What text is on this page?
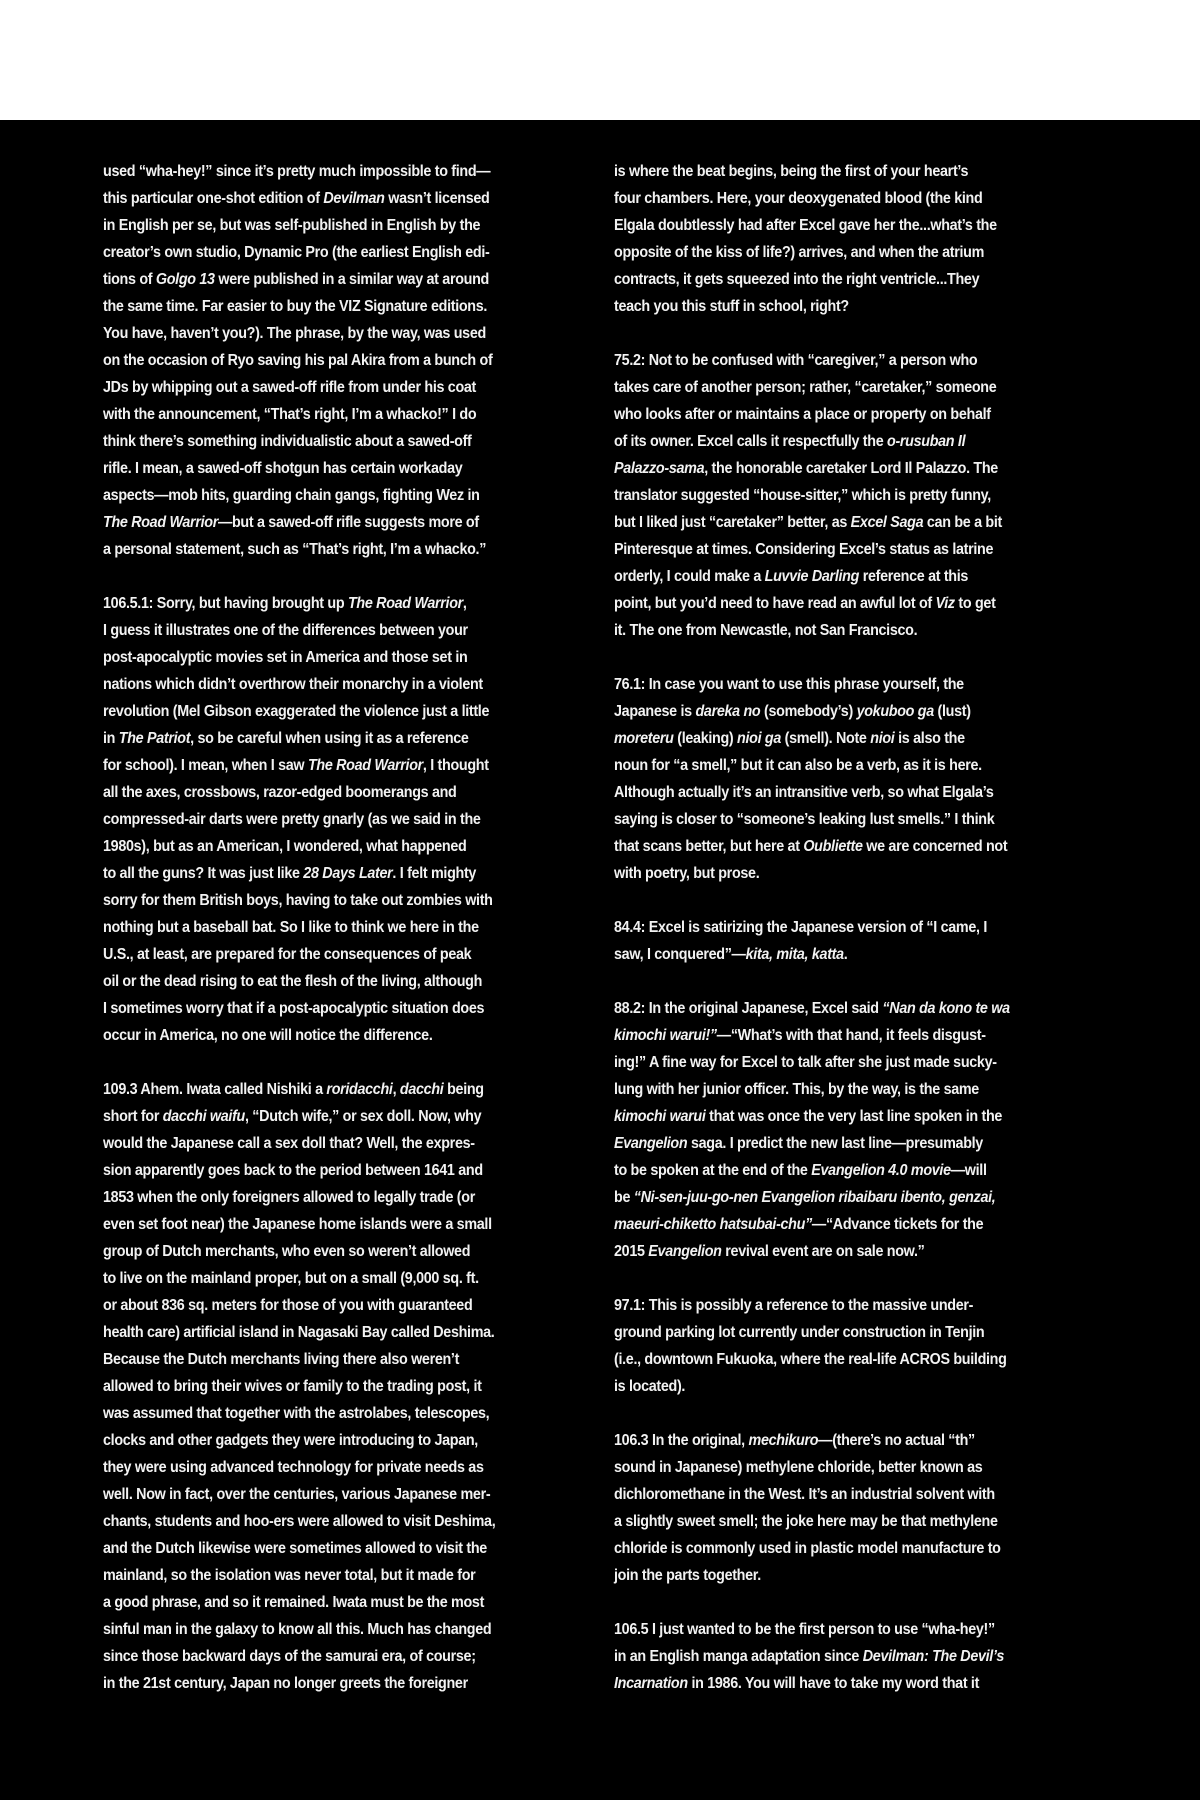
used “wha-hey!” since it’s pretty much impossible to find—
this particular one-shot edition of Devilman wasn’t licensed
in English per se, but was self-published in English by the
creator’s own studio, Dynamic Pro (the earliest English edi-
tions of Golgo 13 were published in a similar way at around
the same time. Far easier to buy the VIZ Signature editions.
You have, haven’t you?). The phrase, by the way, was used
on the occasion of Ryo saving his pal Akira from a bunch of
JDs by whipping out a sawed-off rifle from under his coat
with the announcement, “That’s right, I’m a whacko!” I do
think there’s something individualistic about a sawed-off
rifle. I mean, a sawed-off shotgun has certain workaday
aspects—mob hits, guarding chain gangs, fighting Wez in
The Road Warrior—but a sawed-off rifle suggests more of
a personal statement, such as “That’s right, I’m a whacko.”

106.5.1: Sorry, but having brought up The Road Warrior,
I guess it illustrates one of the differences between your
post-apocalyptic movies set in America and those set in
nations which didn’t overthrow their monarchy in a violent
revolution (Mel Gibson exaggerated the violence just a little
in The Patriot, so be careful when using it as a reference
for school). I mean, when I saw The Road Warrior, I thought
all the axes, crossbows, razor-edged boomerangs and
compressed-air darts were pretty gnarly (as we said in the
1980s), but as an American, I wondered, what happened
to all the guns? It was just like 28 Days Later. I felt mighty
sorry for them British boys, having to take out zombies with
nothing but a baseball bat. So I like to think we here in the
U.S., at least, are prepared for the consequences of peak
oil or the dead rising to eat the flesh of the living, although
I sometimes worry that if a post-apocalyptic situation does
occur in America, no one will notice the difference.

109.3 Ahem. Iwata called Nishiki a roridacchi, dacchi being
short for dacchi waifu, “Dutch wife,” or sex doll. Now, why
would the Japanese call a sex doll that? Well, the expres-
sion apparently goes back to the period between 1641 and
1853 when the only foreigners allowed to legally trade (or
even set foot near) the Japanese home islands were a small
group of Dutch merchants, who even so weren’t allowed
to live on the mainland proper, but on a small (9,000 sq. ft.
or about 836 sq. meters for those of you with guaranteed
health care) artificial island in Nagasaki Bay called Deshima.
Because the Dutch merchants living there also weren’t
allowed to bring their wives or family to the trading post, it
was assumed that together with the astrolabes, telescopes,
clocks and other gadgets they were introducing to Japan,
they were using advanced technology for private needs as
well. Now in fact, over the centuries, various Japanese mer-
chants, students and hoo-ers were allowed to visit Deshima,
and the Dutch likewise were sometimes allowed to visit the
mainland, so the isolation was never total, but it made for
a good phrase, and so it remained. Iwata must be the most
sinful man in the galaxy to know all this. Much has changed
since those backward days of the samurai era, of course;
in the 21st century, Japan no longer greets the foreigner

is where the beat begins, being the first of your heart’s
four chambers. Here, your deoxygenated blood (the kind
Elgala doubtlessly had after Excel gave her the...what’s the
opposite of the kiss of life?) arrives, and when the atrium
contracts, it gets squeezed into the right ventricle...They
teach you this stuff in school, right?

75.2: Not to be confused with “caregiver,” a person who
takes care of another person; rather, “caretaker,” someone
who looks after or maintains a place or property on behalf
of its owner. Excel calls it respectfully the o-rusuban Il
Palazzo-sama, the honorable caretaker Lord Il Palazzo. The
translator suggested “house-sitter,” which is pretty funny,
but I liked just “caretaker” better, as Excel Saga can be a bit
Pinteresque at times. Considering Excel’s status as latrine
orderly, I could make a Luvvie Darling reference at this
point, but you’d need to have read an awful lot of Viz to get
it. The one from Newcastle, not San Francisco.

76.1: In case you want to use this phrase yourself, the
Japanese is dareka no (somebody’s) yokuboo ga (lust)
moreteru (leaking) nioi ga (smell). Note nioi is also the
noun for “a smell,” but it can also be a verb, as it is here.
Although actually it’s an intransitive verb, so what Elgala’s
saying is closer to “someone’s leaking lust smells.” I think
that scans better, but here at Oubliette we are concerned not
with poetry, but prose.

84.4: Excel is satirizing the Japanese version of “I came, I
saw, I conquered”—kita, mita, katta.

88.2: In the original Japanese, Excel said “Nan da kono te wa
kimochi warui!”—“What’s with that hand, it feels disgust-
ing!” A fine way for Excel to talk after she just made sucky-
lung with her junior officer. This, by the way, is the same
kimochi warui that was once the very last line spoken in the
Evangelion saga. I predict the new last line—presumably
to be spoken at the end of the Evangelion 4.0 movie—will
be “Ni-sen-juu-go-nen Evangelion ribaibaru ibento, genzai,
maeuri-chiketto hatsubai-chu”—“Advance tickets for the
2015 Evangelion revival event are on sale now.”

97.1: This is possibly a reference to the massive under-
ground parking lot currently under construction in Tenjin
(i.e., downtown Fukuoka, where the real-life ACROS building
is located).

106.3 In the original, mechikuro—(there’s no actual “th”
sound in Japanese) methylene chloride, better known as
dichloromethane in the West. It’s an industrial solvent with
a slightly sweet smell; the joke here may be that methylene
chloride is commonly used in plastic model manufacture to
join the parts together.

106.5 I just wanted to be the first person to use “wha-hey!”
in an English manga adaptation since Devilman: The Devil’s
Incarnation in 1986. You will have to take my word that it
